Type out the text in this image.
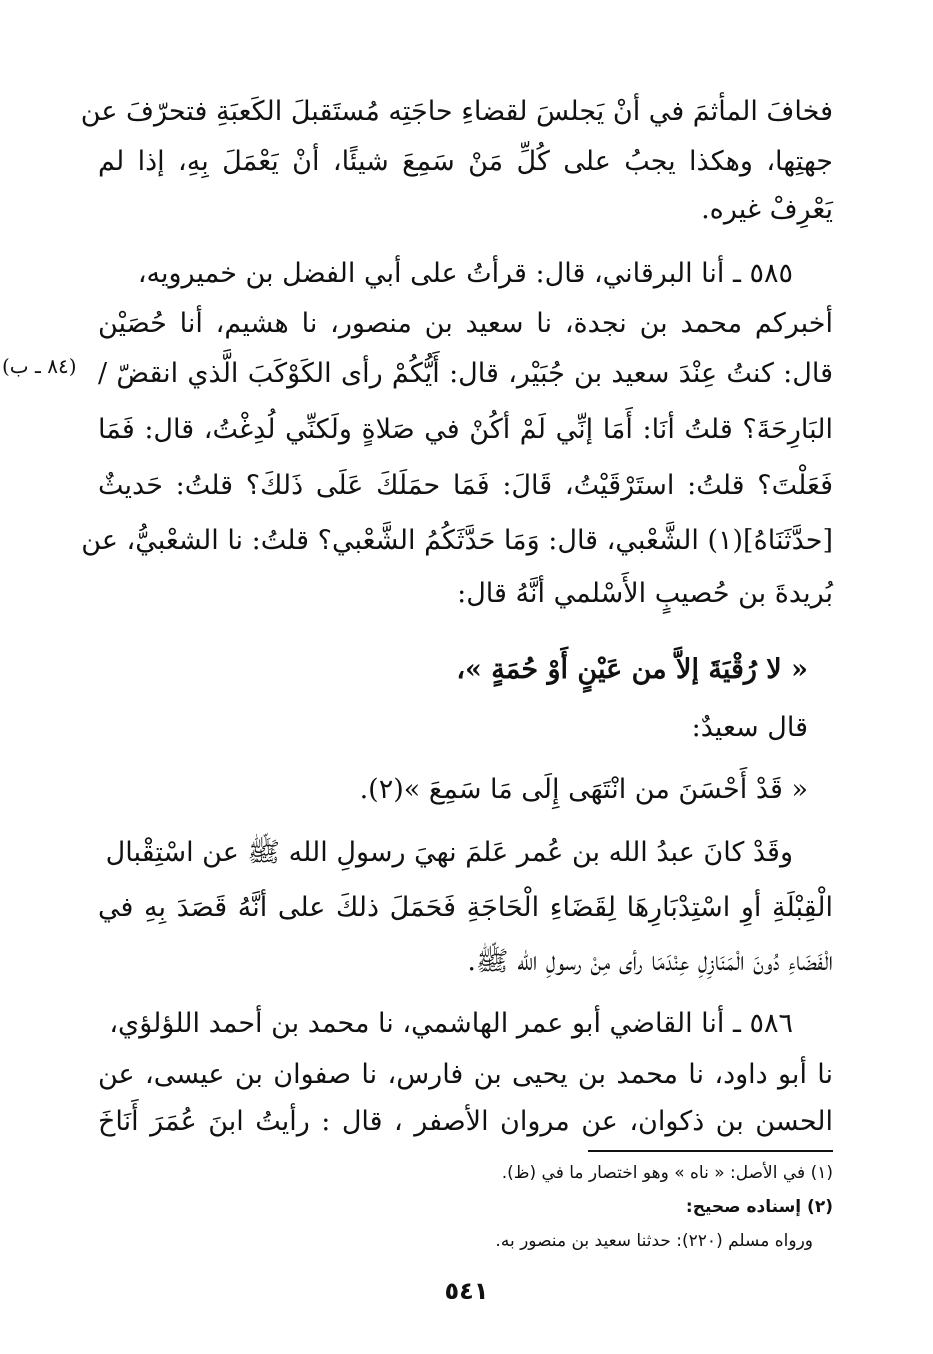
فخافَ المأثمَ في أنْ يَجلسَ لقضاءِ حاجَتِه مُستَقبلَ الكَعبَةِ فتحرّفَ عن
جهتِها، وهكذا يجبُ على كُلِّ مَنْ سَمِعَ شيئًا، أنْ يَعْمَلَ بِهِ، إذا لم
يَعْرِفْ غيره.
٥٨٥ ـ أنا البرقاني، قال: قرأتُ على أبي الفضل بن خميرويه،
أخبركم محمد بن نجدة، نا سعيد بن منصور، نا هشيم، أنا حُصَيْن
قال: كنتُ عِنْدَ سعيد بن جُبَيْر، قال: أَيُّكُمْ رأى الكَوْكَبَ الَّذي انقضّ /
(٨٤ ـ ب)
البَارِحَةَ؟ قلتُ أنَا: أَمَا إنِّي لَمْ أكُنْ في صَلاةٍ ولَكنِّي لُدِغْتُ، قال: فَمَا
فَعَلْتَ؟ قلتُ: استَرْقَيْتُ، قَالَ: فَمَا حمَلَكَ عَلَى ذَلكَ؟ قلتُ: حَديثٌ
[حدَّثَنَاهُ](١) الشَّعْبي، قال: وَمَا حَدَّثَكُمُ الشَّعْبي؟ قلتُ: نا الشعْبيُّ، عن
بُريدةَ بن حُصيبٍ الأَسْلمي أنَّهُ قال:
« لا رُقْيَةَ إلاَّ من عَيْنٍ أَوْ حُمَةٍ »،
قال سعيدٌ:
« قَدْ أَحْسَنَ من انْتَهَى إِلَى مَا سَمِعَ »(٢).
وقَدْ كانَ عبدُ الله بن عُمر عَلمَ نهيَ رسولِ الله ﷺ عن اسْتِقْبال
الْقِبْلَةِ أوِ اسْتِدْبَارِهَا لِقَضَاءِ الْحَاجَةِ فَحَمَلَ ذلكَ على أنَّهُ قَصَدَ بِهِ في
الْفَضَاءِ دُونَ الْمَنَازِلِ عِنْدَمَا رأى مِنْ رسولِ الله ﷺ.
٥٨٦ ـ أنا القاضي أبو عمر الهاشمي، نا محمد بن أحمد اللؤلؤي،
نا أبو داود، نا محمد بن يحيى بن فارس، نا صفوان بن عيسى، عن
الحسن بن ذكوان، عن مروان الأصفر ، قال : رأيتُ ابنَ عُمَرَ أَنَاخَ
(١) في الأصل: « ناه » وهو اختصار ما في (ظ).
(٢) إسناده صحيح:
ورواه مسلم (٢٢٠): حدثنا سعيد بن منصور به.
٥٤١
